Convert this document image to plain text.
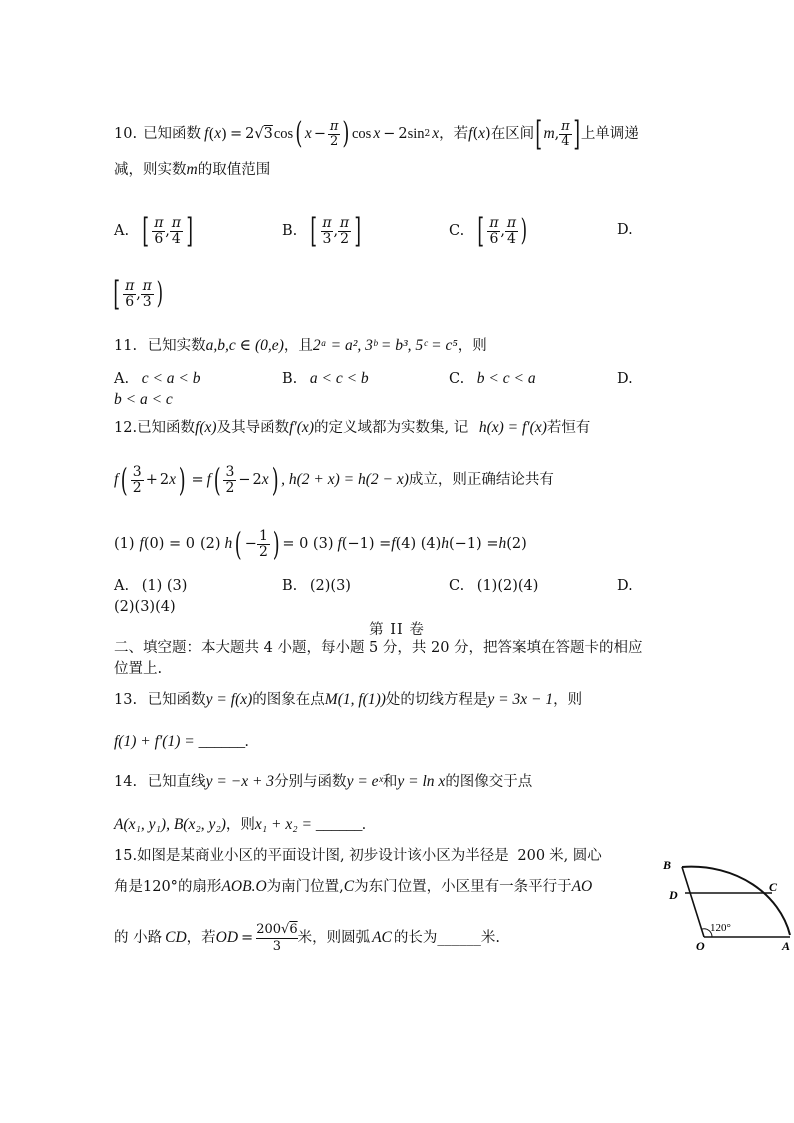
10. 已知函数 f ( x ) = 2 √ 3 cos ( $x - \frac{\pi}{2}$ ) cos x − 2 sin 2 x ，若 f ( x ) 在区间 [ m , π
4 ] 上单调递
减，则实数m的取值范围
A. [ π
6 ,
π
4 ]	B. [ π
3 ,
π
2 ]	C. [ π
6 ,
π
4 )	D.
[ π
6 ,
π
3 )
11. 已知实数a,b,c ∈ (0,e)，且2ᵃ = a², 3ᵇ = b³, 5ᶜ = c⁵，则
A. c < a < b	B. a < c < b	C. b < c < a	D.
b < a < c
12.已知函数f(x)及其导函数f′(x)的定义域都为实数集, 记 h(x) = f′(x)若恒有
f ( 3
2 + 2 x ) = f ( 3
2 − 2 x ) , h(2 + x) = h(2 − x) 成立，则正确结论共有
(1) f (0) = 0 (2) h ( −
1
2 ) = 0 (3) f (−1) = f (4) (4) h (−1) = h (2)
A. (1) (3)	B. (2)(3)	C. (1)(2)(4)	D.
(2)(3)(4)
第 II 卷
二、填空题：本大题共 4 小题，每小题 5 分，共 20 分，把答案填在答题卡的相应
位置上.
13. 已知函数y = f(x)的图象在点M(1, f(1))处的切线方程是y = 3x − 1，则
f(1) + f′(1) = ______.
14. 已知直线y = −x + 3分别与函数y = eˣ和y = ln x的图像交于点
A(x₁, y₁), B(x₂, y₂)，则x₁ + x₂ = ______.
15.如图是某商业小区的平面设计图, 初步设计该小区为半径是 200 米, 圆心
角是120°的扇形AOB.O为南门位置,C为东门位置，小区里有一条平行于AO
的 小路 CD ，若 OD = $\frac{200√6}{3}$ 米，则圆弧 AC 的长为______米.
B
D
C
O	A
120°
